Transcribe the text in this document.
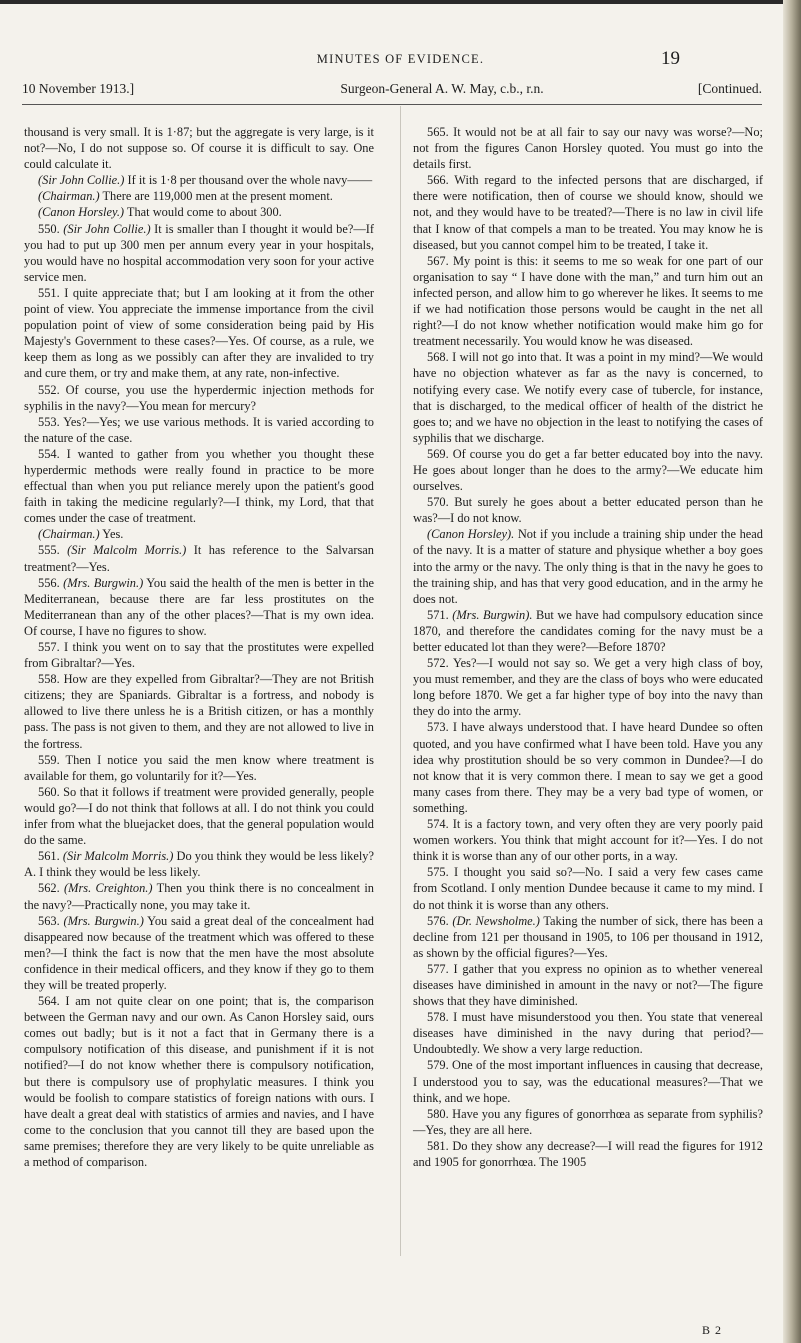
MINUTES OF EVIDENCE.	19
10 November 1913.]	Surgeon-General A. W. May, c.b., r.n.	[Continued.

thousand is very small. It is 1·87; but the aggregate is very large, is it not?—No, I do not suppose so. Of course it is difficult to say. One could calculate it.

(Sir John Collie.) If it is 1·8 per thousand over the whole navy——

(Chairman.) There are 119,000 men at the present moment.

(Canon Horsley.) That would come to about 300.

550. (Sir John Collie.) It is smaller than I thought it would be?—If you had to put up 300 men per annum every year in your hospitals, you would have no hospital accommodation very soon for your active service men.

551. I quite appreciate that; but I am looking at it from the other point of view. You appreciate the immense importance from the civil population point of view of some consideration being paid by His Majesty's Government to these cases?—Yes. Of course, as a rule, we keep them as long as we possibly can after they are invalided to try and cure them, or try and make them, at any rate, non-infective.

552. Of course, you use the hyperdermic injection methods for syphilis in the navy?—You mean for mercury?

553. Yes?—Yes; we use various methods. It is varied according to the nature of the case.

554. I wanted to gather from you whether you thought these hyperdermic methods were really found in practice to be more effectual than when you put reliance merely upon the patient's good faith in taking the medicine regularly?—I think, my Lord, that that comes under the case of treatment.

(Chairman.) Yes.

555. (Sir Malcolm Morris.) It has reference to the Salvarsan treatment?—Yes.

556. (Mrs. Burgwin.) You said the health of the men is better in the Mediterranean, because there are far less prostitutes on the Mediterranean than any of the other places?—That is my own idea. Of course, I have no figures to show.

557. I think you went on to say that the prostitutes were expelled from Gibraltar?—Yes.

558. How are they expelled from Gibraltar?—They are not British citizens; they are Spaniards. Gibraltar is a fortress, and nobody is allowed to live there unless he is a British citizen, or has a monthly pass. The pass is not given to them, and they are not allowed to live in the fortress.

559. Then I notice you said the men know where treatment is available for them, go voluntarily for it?—Yes.

560. So that it follows if treatment were provided generally, people would go?—I do not think that follows at all. I do not think you could infer from what the bluejacket does, that the general population would do the same.

561. (Sir Malcolm Morris.) Do you think they would be less likely? A. I think they would be less likely.

562. (Mrs. Creighton.) Then you think there is no concealment in the navy?—Practically none, you may take it.

563. (Mrs. Burgwin.) You said a great deal of the concealment had disappeared now because of the treatment which was offered to these men?—I think the fact is now that the men have the most absolute confidence in their medical officers, and they know if they go to them they will be treated properly.

564. I am not quite clear on one point; that is, the comparison between the German navy and our own. As Canon Horsley said, ours comes out badly; but is it not a fact that in Germany there is a compulsory notification of this disease, and punishment if it is not notified?—I do not know whether there is compulsory notification, but there is compulsory use of prophylatic measures. I think you would be foolish to compare statistics of foreign nations with ours. I have dealt a great deal with statistics of armies and navies, and I have come to the conclusion that you cannot till they are based upon the same premises; therefore they are very likely to be quite unreliable as a method of comparison.

565. It would not be at all fair to say our navy was worse?—No; not from the figures Canon Horsley quoted. You must go into the details first.

566. With regard to the infected persons that are discharged, if there were notification, then of course we should know, should we not, and they would have to be treated?—There is no law in civil life that I know of that compels a man to be treated. You may know he is diseased, but you cannot compel him to be treated, I take it.

567. My point is this: it seems to me so weak for one part of our organisation to say “ I have done with the man,” and turn him out an infected person, and allow him to go wherever he likes. It seems to me if we had notification those persons would be caught in the net all right?—I do not know whether notification would make him go for treatment necessarily. You would know he was diseased.

568. I will not go into that. It was a point in my mind?—We would have no objection whatever as far as the navy is concerned, to notifying every case. We notify every case of tubercle, for instance, that is discharged, to the medical officer of health of the district he goes to; and we have no objection in the least to notifying the cases of syphilis that we discharge.

569. Of course you do get a far better educated boy into the navy. He goes about longer than he does to the army?—We educate him ourselves.

570. But surely he goes about a better educated person than he was?—I do not know.

(Canon Horsley). Not if you include a training ship under the head of the navy. It is a matter of stature and physique whether a boy goes into the army or the navy. The only thing is that in the navy he goes to the training ship, and has that very good education, and in the army he does not.

571. (Mrs. Burgwin). But we have had compulsory education since 1870, and therefore the candidates coming for the navy must be a better educated lot than they were?—Before 1870?

572. Yes?—I would not say so. We get a very high class of boy, you must remember, and they are the class of boys who were educated long before 1870. We get a far higher type of boy into the navy than they do into the army.

573. I have always understood that. I have heard Dundee so often quoted, and you have confirmed what I have been told. Have you any idea why prostitution should be so very common in Dundee?—I do not know that it is very common there. I mean to say we get a good many cases from there. They may be a very bad type of women, or something.

574. It is a factory town, and very often they are very poorly paid women workers. You think that might account for it?—Yes. I do not think it is worse than any of our other ports, in a way.

575. I thought you said so?—No. I said a very few cases came from Scotland. I only mention Dundee because it came to my mind. I do not think it is worse than any others.

576. (Dr. Newsholme.) Taking the number of sick, there has been a decline from 121 per thousand in 1905, to 106 per thousand in 1912, as shown by the official figures?—Yes.

577. I gather that you express no opinion as to whether venereal diseases have diminished in amount in the navy or not?—The figure shows that they have diminished.

578. I must have misunderstood you then. You state that venereal diseases have diminished in the navy during that period?—Undoubtedly. We show a very large reduction.

579. One of the most important influences in causing that decrease, I understood you to say, was the educational measures?—That we think, and we hope.

580. Have you any figures of gonorrhœa as separate from syphilis?—Yes, they are all here.

581. Do they show any decrease?—I will read the figures for 1912 and 1905 for gonorrhœa. The 1905

B 2
